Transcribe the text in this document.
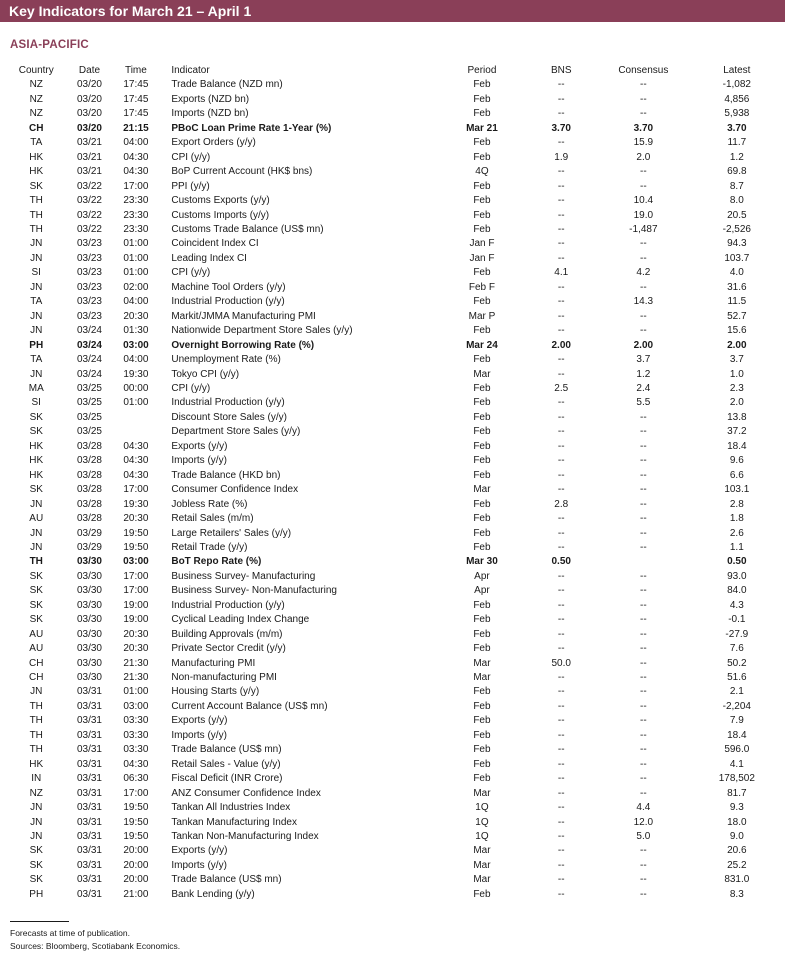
Key Indicators for March 21 – April 1
ASIA-PACIFIC
Country	Date	Time	Indicator	Period	BNS	Consensus	Latest
NZ	03/20	17:45	Trade Balance (NZD mn)	Feb	--	--	-1,082
NZ	03/20	17:45	Exports (NZD bn)	Feb	--	--	4,856
NZ	03/20	17:45	Imports (NZD bn)	Feb	--	--	5,938
CH	03/20	21:15	PBoC Loan Prime Rate 1-Year (%)	Mar 21	3.70	3.70	3.70
TA	03/21	04:00	Export Orders (y/y)	Feb	--	15.9	11.7
HK	03/21	04:30	CPI (y/y)	Feb	1.9	2.0	1.2
HK	03/21	04:30	BoP Current Account (HK$ bns)	4Q	--	--	69.8
SK	03/22	17:00	PPI (y/y)	Feb	--	--	8.7
TH	03/22	23:30	Customs Exports (y/y)	Feb	--	10.4	8.0
TH	03/22	23:30	Customs Imports (y/y)	Feb	--	19.0	20.5
TH	03/22	23:30	Customs Trade Balance (US$ mn)	Feb	--	-1,487	-2,526
JN	03/23	01:00	Coincident Index CI	Jan F	--	--	94.3
JN	03/23	01:00	Leading Index CI	Jan F	--	--	103.7
SI	03/23	01:00	CPI (y/y)	Feb	4.1	4.2	4.0
JN	03/23	02:00	Machine Tool Orders (y/y)	Feb F	--	--	31.6
TA	03/23	04:00	Industrial Production (y/y)	Feb	--	14.3	11.5
JN	03/23	20:30	Markit/JMMA Manufacturing PMI	Mar P	--	--	52.7
JN	03/24	01:30	Nationwide Department Store Sales (y/y)	Feb	--	--	15.6
PH	03/24	03:00	Overnight Borrowing Rate (%)	Mar 24	2.00	2.00	2.00
TA	03/24	04:00	Unemployment Rate (%)	Feb	--	3.7	3.7
JN	03/24	19:30	Tokyo CPI (y/y)	Mar	--	1.2	1.0
MA	03/25	00:00	CPI (y/y)	Feb	2.5	2.4	2.3
SI	03/25	01:00	Industrial Production (y/y)	Feb	--	5.5	2.0
SK	03/25		Discount Store Sales (y/y)	Feb	--	--	13.8
SK	03/25		Department Store Sales (y/y)	Feb	--	--	37.2
HK	03/28	04:30	Exports (y/y)	Feb	--	--	18.4
HK	03/28	04:30	Imports (y/y)	Feb	--	--	9.6
HK	03/28	04:30	Trade Balance (HKD bn)	Feb	--	--	6.6
SK	03/28	17:00	Consumer Confidence Index	Mar	--	--	103.1
JN	03/28	19:30	Jobless Rate (%)	Feb	2.8	--	2.8
AU	03/28	20:30	Retail Sales (m/m)	Feb	--	--	1.8
JN	03/29	19:50	Large Retailers' Sales (y/y)	Feb	--	--	2.6
JN	03/29	19:50	Retail Trade (y/y)	Feb	--	--	1.1
TH	03/30	03:00	BoT Repo Rate (%)	Mar 30	0.50		0.50
SK	03/30	17:00	Business Survey- Manufacturing	Apr	--	--	93.0
SK	03/30	17:00	Business Survey- Non-Manufacturing	Apr	--	--	84.0
SK	03/30	19:00	Industrial Production (y/y)	Feb	--	--	4.3
SK	03/30	19:00	Cyclical Leading Index Change	Feb	--	--	-0.1
AU	03/30	20:30	Building Approvals (m/m)	Feb	--	--	-27.9
AU	03/30	20:30	Private Sector Credit (y/y)	Feb	--	--	7.6
CH	03/30	21:30	Manufacturing PMI	Mar	50.0	--	50.2
CH	03/30	21:30	Non-manufacturing PMI	Mar	--	--	51.6
JN	03/31	01:00	Housing Starts (y/y)	Feb	--	--	2.1
TH	03/31	03:00	Current Account Balance (US$ mn)	Feb	--	--	-2,204
TH	03/31	03:30	Exports (y/y)	Feb	--	--	7.9
TH	03/31	03:30	Imports (y/y)	Feb	--	--	18.4
TH	03/31	03:30	Trade Balance (US$ mn)	Feb	--	--	596.0
HK	03/31	04:30	Retail Sales - Value (y/y)	Feb	--	--	4.1
IN	03/31	06:30	Fiscal Deficit (INR Crore)	Feb	--	--	178,502
NZ	03/31	17:00	ANZ Consumer Confidence Index	Mar	--	--	81.7
JN	03/31	19:50	Tankan All Industries Index	1Q	--	4.4	9.3
JN	03/31	19:50	Tankan Manufacturing Index	1Q	--	12.0	18.0
JN	03/31	19:50	Tankan Non-Manufacturing Index	1Q	--	5.0	9.0
SK	03/31	20:00	Exports (y/y)	Mar	--	--	20.6
SK	03/31	20:00	Imports (y/y)	Mar	--	--	25.2
SK	03/31	20:00	Trade Balance (US$ mn)	Mar	--	--	831.0
PH	03/31	21:00	Bank Lending (y/y)	Feb	--	--	8.3
Forecasts at time of publication.
Sources: Bloomberg, Scotiabank Economics.
